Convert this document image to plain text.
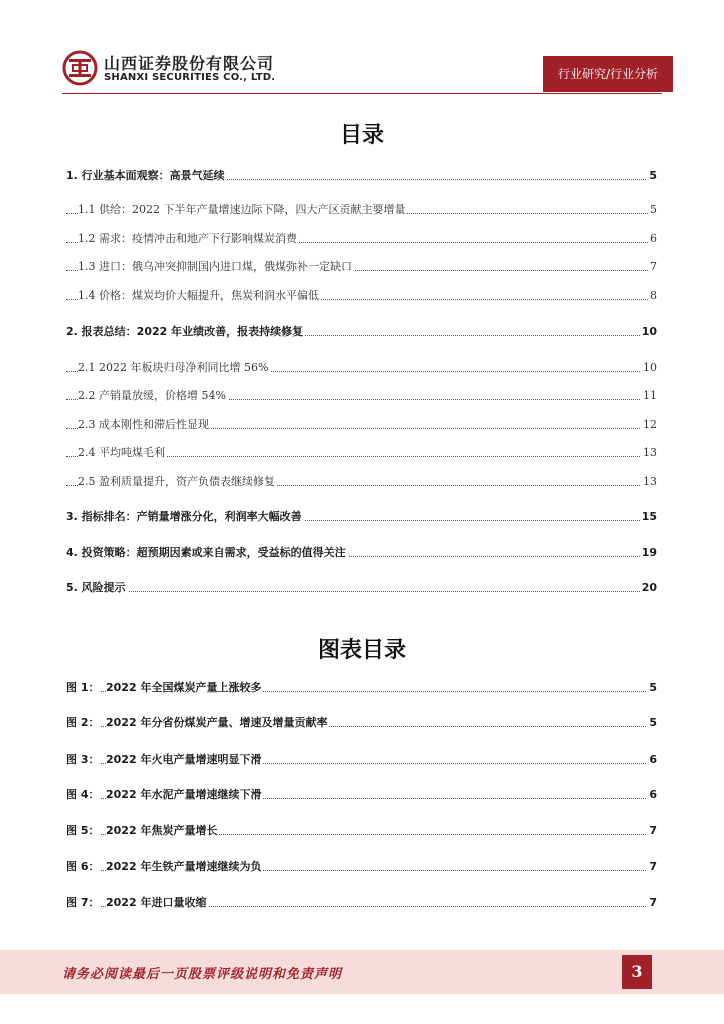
山西证券股份有限公司
SHANXI SECURITIES CO., LTD.	行业研究/行业分析
目录
1. 行业基本面观察：高景气延续	5
1.1 供给：2022 下半年产量增速边际下降，四大产区贡献主要增量	5
1.2 需求：疫情冲击和地产下行影响煤炭消费	6
1.3 进口：俄乌冲突抑制国内进口煤，俄煤弥补一定缺口	7
1.4 价格：煤炭均价大幅提升，焦炭利润水平偏低	8
2. 报表总结：2022 年业绩改善，报表持续修复	10
2.1 2022 年板块归母净利同比增 56%	10
2.2 产销量放缓，价格增 54%	11
2.3 成本刚性和滞后性显现	12
2.4 平均吨煤毛利	13
2.5 盈利质量提升，资产负债表继续修复	13
3. 指标排名：产销量增涨分化，利润率大幅改善	15
4. 投资策略：超预期因素或来自需求，受益标的值得关注	19
5. 风险提示	20
图表目录
图 1： 2022 年全国煤炭产量上涨较多	5
图 2： 2022 年分省份煤炭产量、增速及增量贡献率	5
图 3： 2022 年火电产量增速明显下滑	6
图 4： 2022 年水泥产量增速继续下滑	6
图 5： 2022 年焦炭产量增长	7
图 6： 2022 年生铁产量增速继续为负	7
图 7： 2022 年进口量收缩	7
请务必阅读最后一页股票评级说明和免责声明	3
